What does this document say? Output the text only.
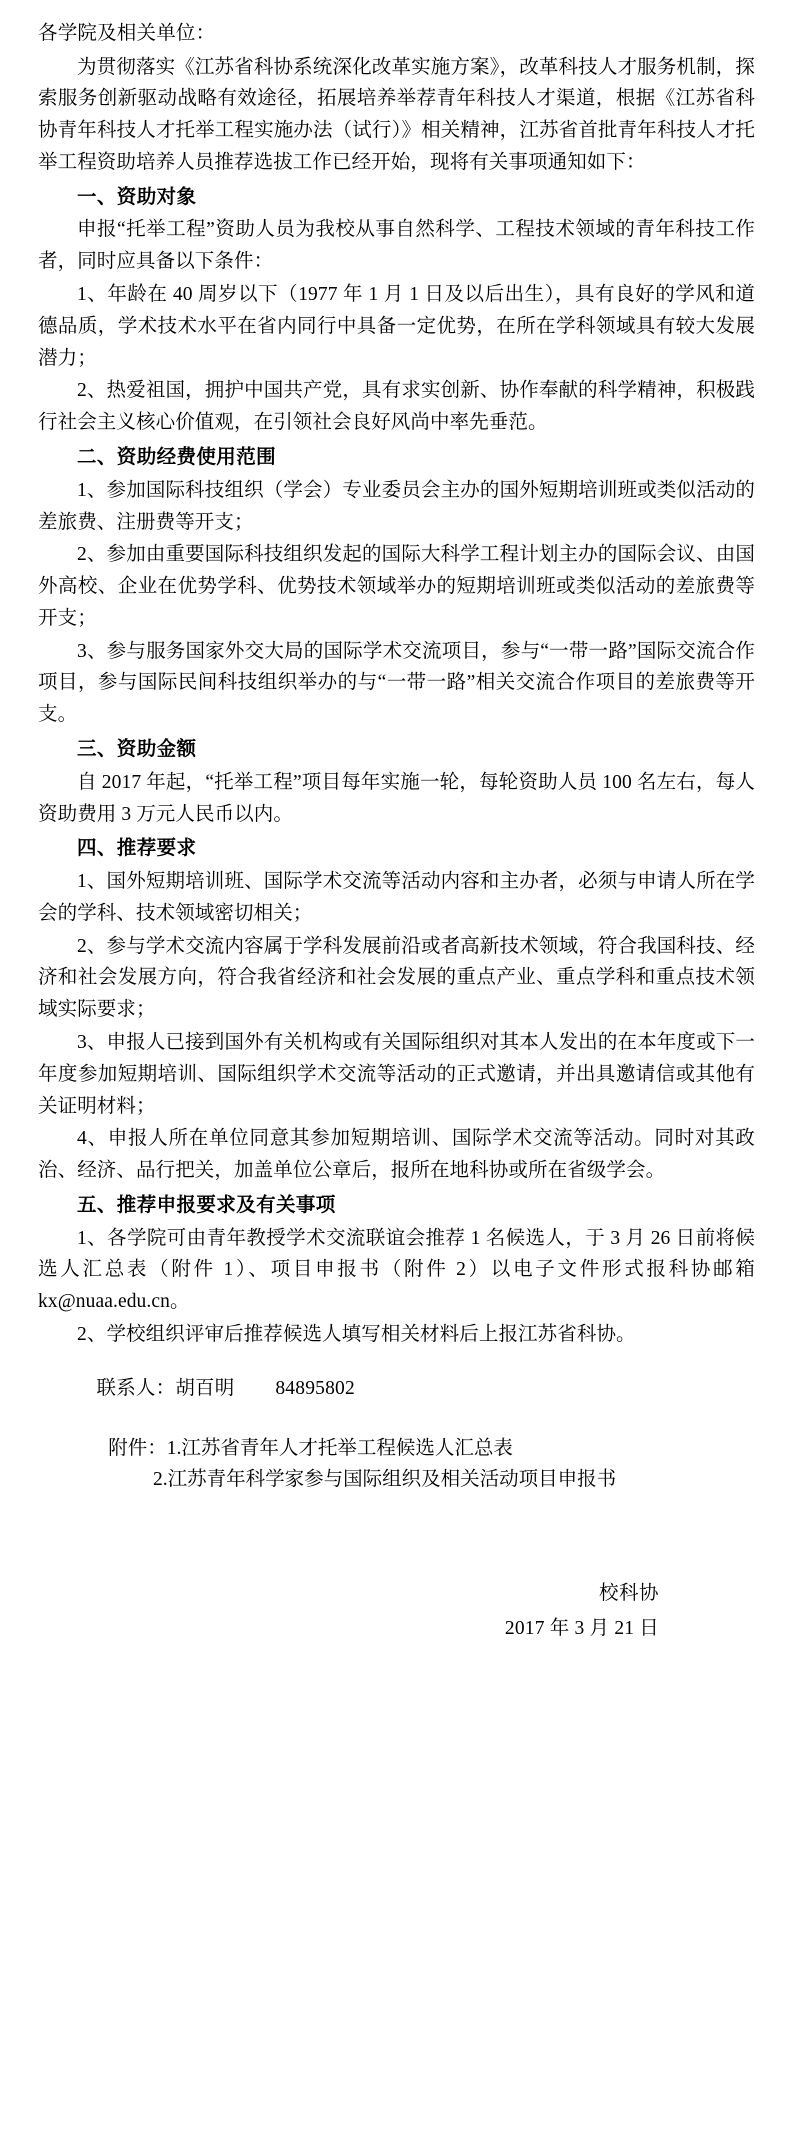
各学院及相关单位：

为贯彻落实《江苏省科协系统深化改革实施方案》，改革科技人才服务机制，探索服务创新驱动战略有效途径，拓展培养举荐青年科技人才渠道，根据《江苏省科协青年科技人才托举工程实施办法（试行）》相关精神，江苏省首批青年科技人才托举工程资助培养人员推荐选拔工作已经开始，现将有关事项通知如下：

一、资助对象

申报“托举工程”资助人员为我校从事自然科学、工程技术领域的青年科技工作者，同时应具备以下条件：

1、年龄在 40 周岁以下（1977 年 1 月 1 日及以后出生），具有良好的学风和道德品质，学术技术水平在省内同行中具备一定优势，在所在学科领域具有较大发展潜力；

2、热爱祖国，拥护中国共产党，具有求实创新、协作奉献的科学精神，积极践行社会主义核心价值观，在引领社会良好风尚中率先垂范。

二、资助经费使用范围

1、参加国际科技组织（学会）专业委员会主办的国外短期培训班或类似活动的差旅费、注册费等开支；

2、参加由重要国际科技组织发起的国际大科学工程计划主办的国际会议、由国外高校、企业在优势学科、优势技术领域举办的短期培训班或类似活动的差旅费等开支；

3、参与服务国家外交大局的国际学术交流项目，参与“一带一路”国际交流合作项目，参与国际民间科技组织举办的与“一带一路”相关交流合作项目的差旅费等开支。

三、资助金额

自 2017 年起，“托举工程”项目每年实施一轮，每轮资助人员 100 名左右，每人资助费用 3 万元人民币以内。

四、推荐要求

1、国外短期培训班、国际学术交流等活动内容和主办者，必须与申请人所在学会的学科、技术领域密切相关；

2、参与学术交流内容属于学科发展前沿或者高新技术领域，符合我国科技、经济和社会发展方向，符合我省经济和社会发展的重点产业、重点学科和重点技术领域实际要求；

3、申报人已接到国外有关机构或有关国际组织对其本人发出的在本年度或下一年度参加短期培训、国际组织学术交流等活动的正式邀请，并出具邀请信或其他有关证明材料；

4、申报人所在单位同意其参加短期培训、国际学术交流等活动。同时对其政治、经济、品行把关，加盖单位公章后，报所在地科协或所在省级学会。

五、推荐申报要求及有关事项

1、各学院可由青年教授学术交流联谊会推荐 1 名候选人，于 3 月 26 日前将候选人汇总表（附件 1）、项目申报书（附件 2）以电子文件形式报科协邮箱 kx@nuaa.edu.cn。

2、学校组织评审后推荐候选人填写相关材料后上报江苏省科协。

联系人：胡百明 84895802

附件：1.江苏省青年人才托举工程候选人汇总表
2.江苏青年科学家参与国际组织及相关活动项目申报书
校科协
2017 年 3 月 21 日
